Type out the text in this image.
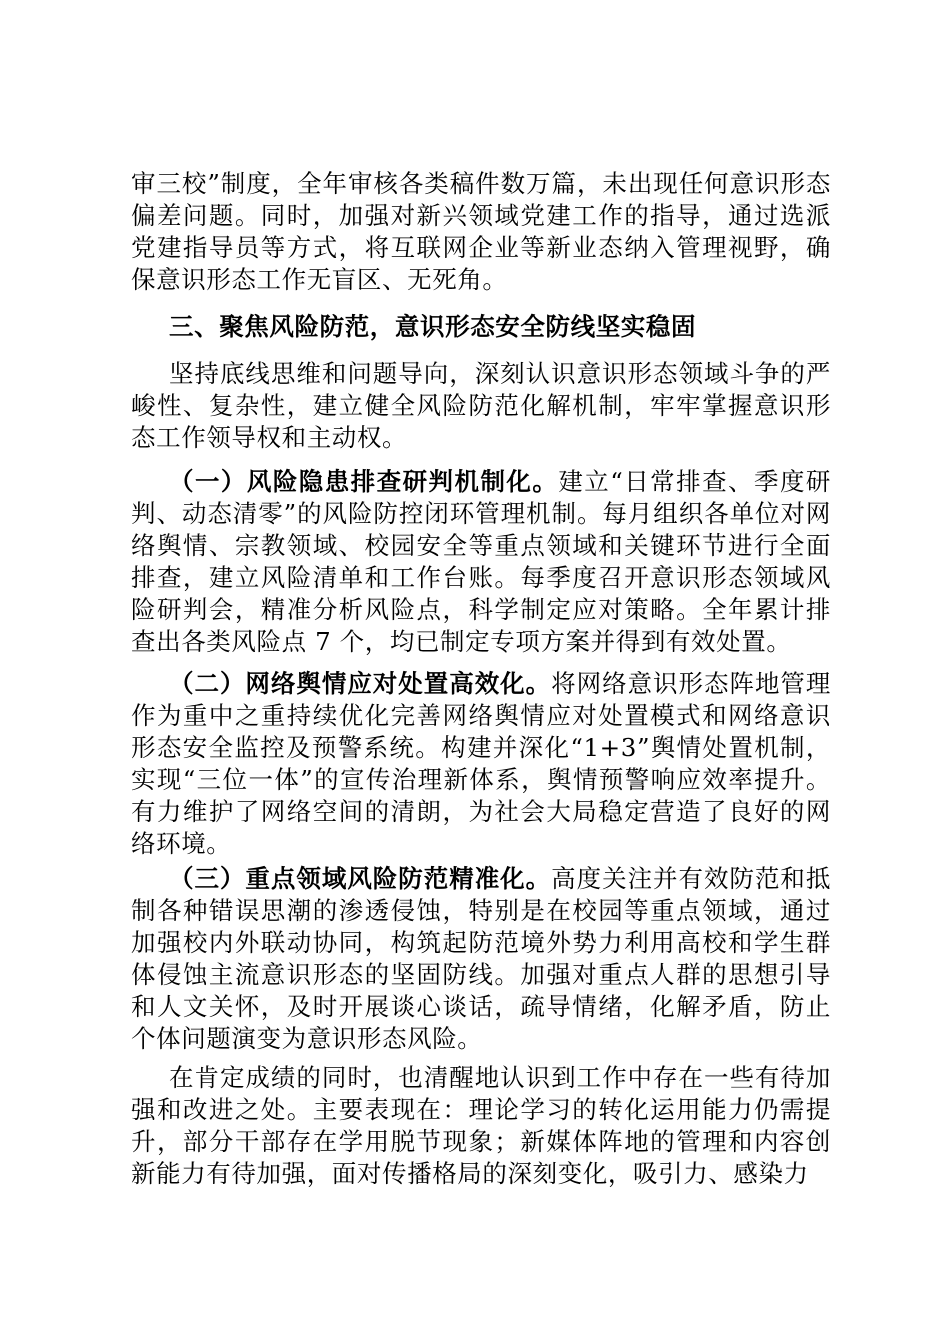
审三校”制度，全年审核各类稿件数万篇，未出现任何意识形态偏差问题。同时，加强对新兴领域党建工作的指导，通过选派党建指导员等方式，将互联网企业等新业态纳入管理视野，确保意识形态工作无盲区、无死角。

三、聚焦风险防范，意识形态安全防线坚实稳固

坚持底线思维和问题导向，深刻认识意识形态领域斗争的严峻性、复杂性，建立健全风险防范化解机制，牢牢掌握意识形态工作领导权和主动权。

（一）风险隐患排查研判机制化。建立“日常排查、季度研判、动态清零”的风险防控闭环管理机制。每月组织各单位对网络舆情、宗教领域、校园安全等重点领域和关键环节进行全面排查，建立风险清单和工作台账。每季度召开意识形态领域风险研判会，精准分析风险点，科学制定应对策略。全年累计排查出各类风险点 7 个，均已制定专项方案并得到有效处置。

（二）网络舆情应对处置高效化。将网络意识形态阵地管理作为重中之重持续优化完善网络舆情应对处置模式和网络意识形态安全监控及预警系统。构建并深化“1+3”舆情处置机制，实现“三位一体”的宣传治理新体系，舆情预警响应效率提升。有力维护了网络空间的清朗，为社会大局稳定营造了良好的网络环境。

（三）重点领域风险防范精准化。高度关注并有效防范和抵制各种错误思潮的渗透侵蚀，特别是在校园等重点领域，通过加强校内外联动协同，构筑起防范境外势力利用高校和学生群体侵蚀主流意识形态的坚固防线。加强对重点人群的思想引导和人文关怀，及时开展谈心谈话，疏导情绪，化解矛盾，防止个体问题演变为意识形态风险。

在肯定成绩的同时，也清醒地认识到工作中存在一些有待加强和改进之处。主要表现在：理论学习的转化运用能力仍需提升，部分干部存在学用脱节现象；新媒体阵地的管理和内容创新能力有待加强，面对传播格局的深刻变化，吸引力、感染力
